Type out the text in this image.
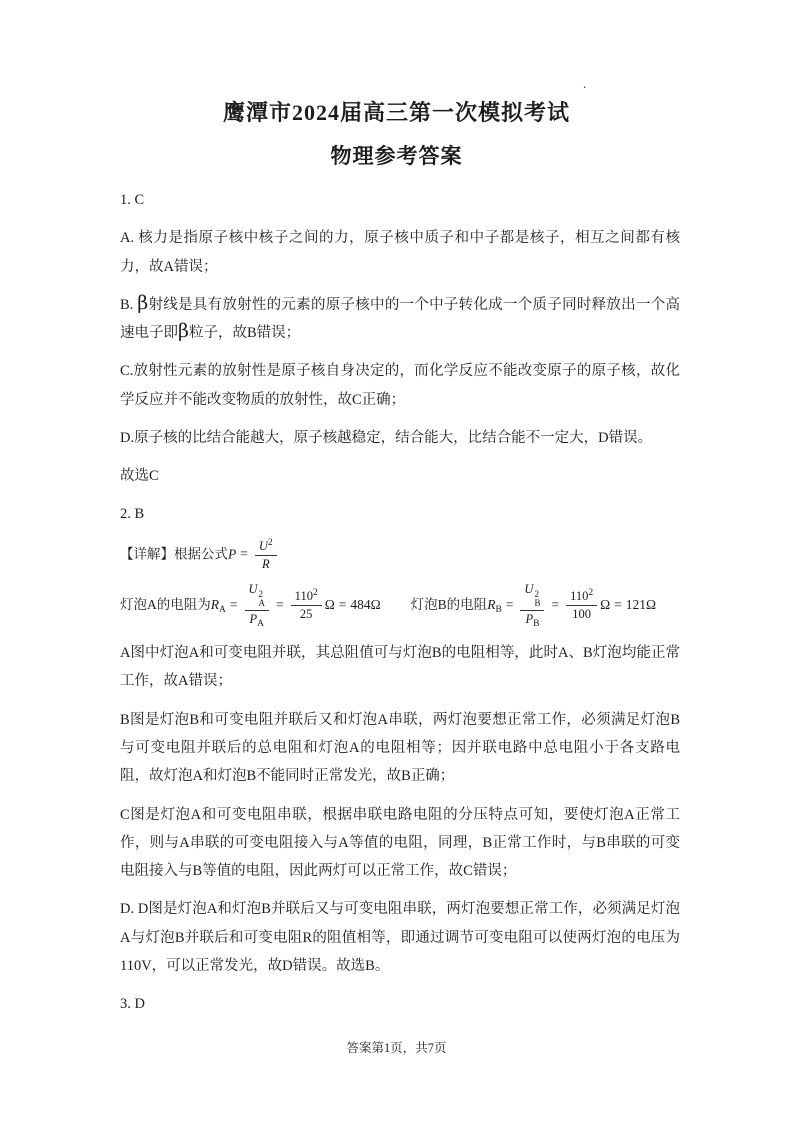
.
鹰潭市2024届高三第一次模拟考试
物理参考答案

1. C

A. 核力是指原子核中核子之间的力，原子核中质子和中子都是核子，相互之间都有核力，故A错误；

B. β射线是具有放射性的元素的原子核中的一个中子转化成一个质子同时释放出一个高速电子即β粒子，故B错误；

C.放射性元素的放射性是原子核自身决定的，而化学反应不能改变原子的原子核，故化学反应并不能改变物质的放射性，故C正确；

D.原子核的比结合能越大，原子核越稳定，结合能大，比结合能不一定大，D错误。

故选C

2. B

【详解】根据公式$P = \frac{U^2}{R}$

灯泡A的电阻为$R_A = U$ 2
A
$P_A = \frac{110^2}{25}$ Ω = 484Ω 灯泡B的电阻$R_B = U$ 2
B
$P_B = \frac{110^2}{100}$ Ω = 121Ω

A图中灯泡A和可变电阻并联，其总阻值可与灯泡B的电阻相等，此时A、B灯泡均能正常工作，故A错误；

B图是灯泡B和可变电阻并联后又和灯泡A串联，两灯泡要想正常工作，必须满足灯泡B与可变电阻并联后的总电阻和灯泡A的电阻相等；因并联电路中总电阻小于各支路电阻，故灯泡A和灯泡B不能同时正常发光，故B正确；

C图是灯泡A和可变电阻串联，根据串联电路电阻的分压特点可知，要使灯泡A正常工作，则与A串联的可变电阻接入与A等值的电阻，同理，B正常工作时，与B串联的可变电阻接入与B等值的电阻，因此两灯可以正常工作，故C错误；

D. D图是灯泡A和灯泡B并联后又与可变电阻串联，两灯泡要想正常工作，必须满足灯泡A与灯泡B并联后和可变电阻R的阻值相等，即通过调节可变电阻可以使两灯泡的电压为110V，可以正常发光，故D错误。故选B。

3. D

答案第1页，共7页
